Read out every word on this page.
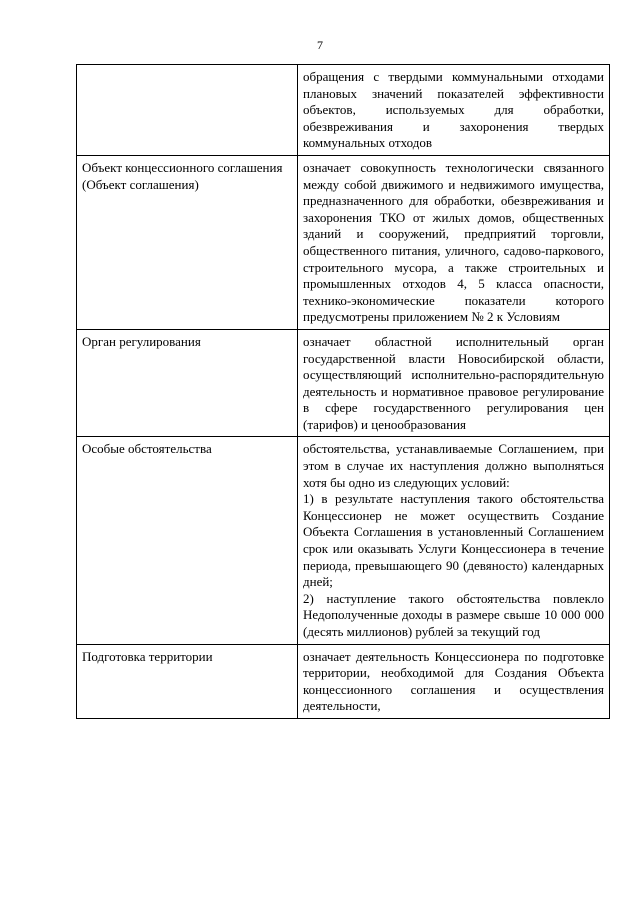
7

	обращения с твердыми коммунальными отходами плановых значений показателей эффективности объектов, используемых для обработки, обезвреживания и захоронения твердых коммунальных отходов

Объект концессионного соглашения (Объект соглашения)	означает совокупность технологически связанного между собой движимого и недвижимого имущества, предназначенного для обработки, обезвреживания и захоронения ТКО от жилых домов, общественных зданий и сооружений, предприятий торговли, общественного питания, уличного, садово-паркового, строительного мусора, а также строительных и промышленных отходов 4, 5 класса опасности, технико-экономические показатели которого предусмотрены приложением № 2 к Условиям

Орган регулирования	означает областной исполнительный орган государственной власти Новосибирской области, осуществляющий исполнительно-распорядительную деятельность и нормативное правовое регулирование в сфере государственного регулирования цен (тарифов) и ценообразования

Особые обстоятельства	обстоятельства, устанавливаемые Соглашением, при этом в случае их наступления должно выполняться хотя бы одно из следующих условий:
1) в результате наступления такого обстоятельства Концессионер не может осуществить Создание Объекта Соглашения в установленный Соглашением срок или оказывать Услуги Концессионера в течение периода, превышающего 90 (девяносто) календарных дней;
2) наступление такого обстоятельства повлекло Недополученные доходы в размере свыше 10 000 000 (десять миллионов) рублей за текущий год

Подготовка территории	означает деятельность Концессионера по подготовке территории, необходимой для Создания Объекта концессионного соглашения и осуществления деятельности,
